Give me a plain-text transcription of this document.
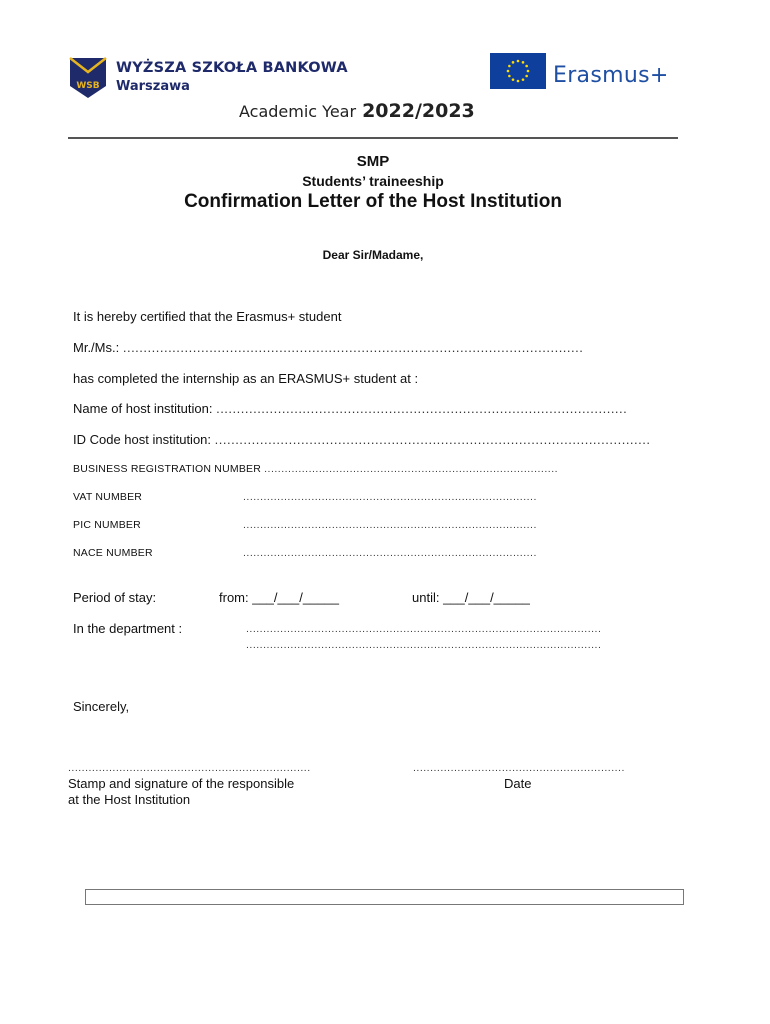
WSB
WYŻSZA SZKOŁA BANKOWA
Warszawa	Erasmus+
Academic Year 2022/2023
SMP
Students’ traineeship
Confirmation Letter of the Host Institution
Dear Sir/Madame,
It is hereby certified that the Erasmus+ student
Mr./Ms.: ................................................................................................................
has completed the internship as an ERASMUS+ student at :
Name of host institution: ....................................................................................................
ID Code host institution: ..........................................................................................................
BUSINESS REGISTRATION NUMBER ......................................................................................
VAT NUMBER	......................................................................................
PIC NUMBER	......................................................................................
NACE NUMBER	......................................................................................
Period of stay:	from: ___/___/_____	until: ___/___/_____
In the department :	........................................................................................................
........................................................................................................
Sincerely,
.......................................................................
Stamp and signature of the responsible
at the Host Institution
..............................................................
Date
